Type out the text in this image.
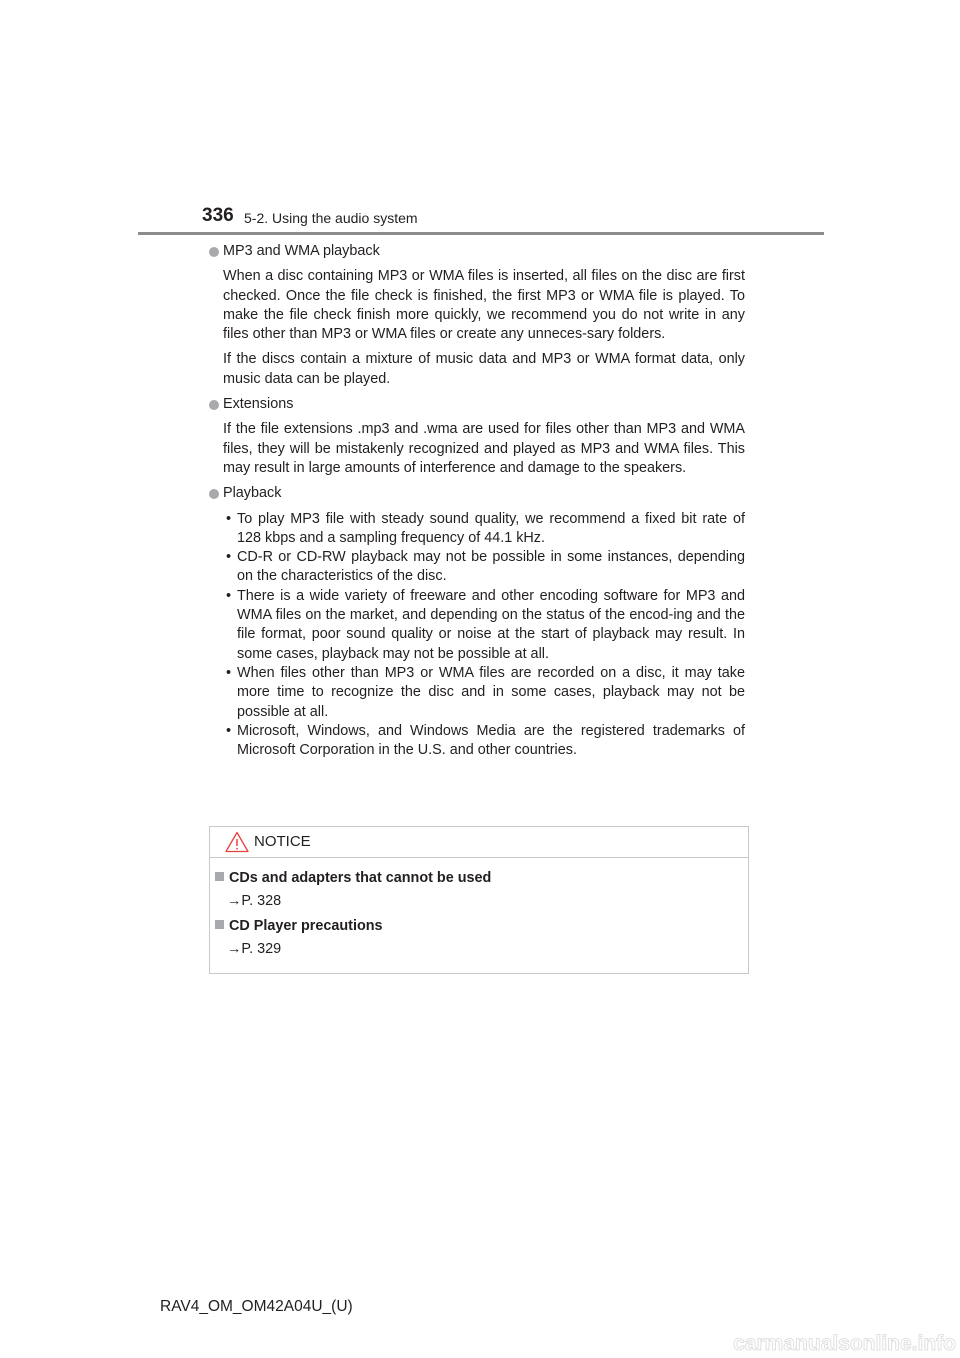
336 5-2. Using the audio system
MP3 and WMA playback
When a disc containing MP3 or WMA files is inserted, all files on the disc are first checked. Once the file check is finished, the first MP3 or WMA file is played. To make the file check finish more quickly, we recommend you do not write in any files other than MP3 or WMA files or create any unneces-sary folders.
If the discs contain a mixture of music data and MP3 or WMA format data, only music data can be played.
Extensions
If the file extensions .mp3 and .wma are used for files other than MP3 and WMA files, they will be mistakenly recognized and played as MP3 and WMA files. This may result in large amounts of interference and damage to the speakers.
Playback
• To play MP3 file with steady sound quality, we recommend a fixed bit rate of 128 kbps and a sampling frequency of 44.1 kHz.
• CD-R or CD-RW playback may not be possible in some instances, depending on the characteristics of the disc.
• There is a wide variety of freeware and other encoding software for MP3 and WMA files on the market, and depending on the status of the encod-ing and the file format, poor sound quality or noise at the start of playback may result. In some cases, playback may not be possible at all.
• When files other than MP3 or WMA files are recorded on a disc, it may take more time to recognize the disc and in some cases, playback may not be possible at all.
• Microsoft, Windows, and Windows Media are the registered trademarks of Microsoft Corporation in the U.S. and other countries.
NOTICE
CDs and adapters that cannot be used
→P. 328
CD Player precautions
→P. 329
RAV4_OM_OM42A04U_(U)
carmanualsonline.info
